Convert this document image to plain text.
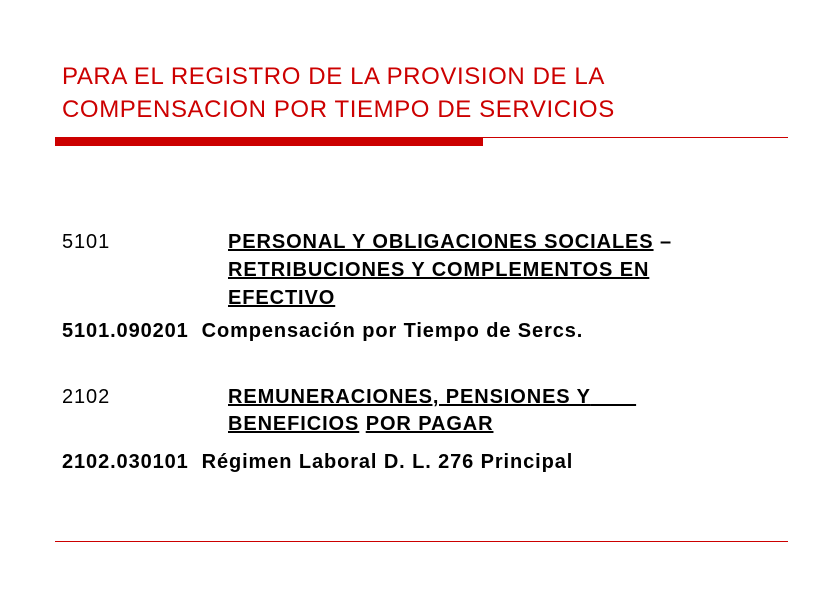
PARA EL REGISTRO DE LA PROVISION DE LA
COMPENSACION POR TIEMPO DE SERVICIOS
5101	PERSONAL Y OBLIGACIONES SOCIALES –
RETRIBUCIONES Y COMPLEMENTOS EN
EFECTIVO
5101.090201 Compensación por Tiempo de Sercs.
2102	REMUNERACIONES, PENSIONES Y
BENEFICIOS POR PAGAR
2102.030101 Régimen Laboral D. L. 276 Principal
